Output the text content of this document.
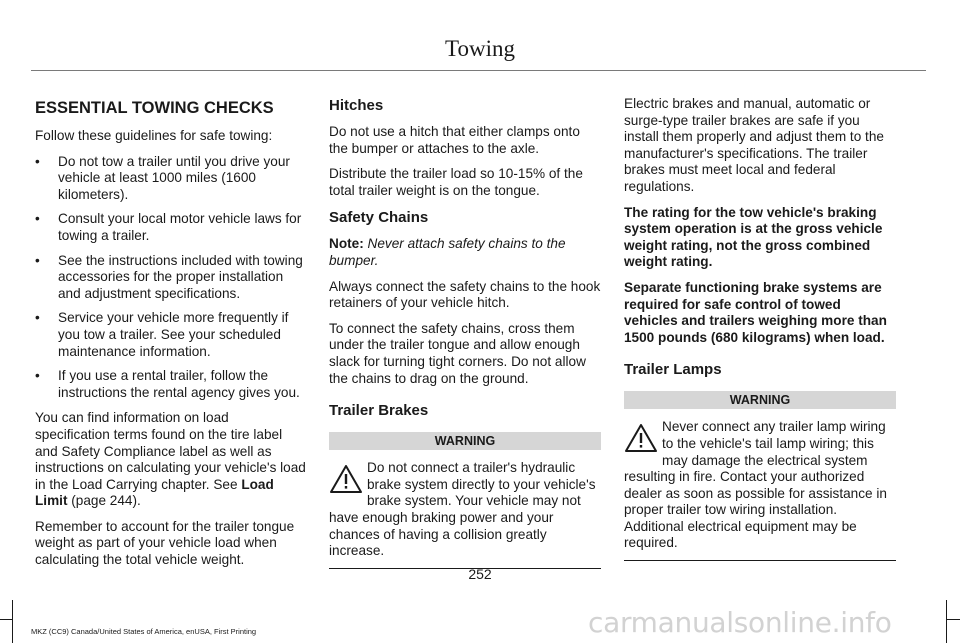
Towing
ESSENTIAL TOWING CHECKS

Follow these guidelines for safe towing:

• Do not tow a trailer until you drive your vehicle at least 1000 miles (1600 kilometers).
• Consult your local motor vehicle laws for towing a trailer.
• See the instructions included with towing accessories for the proper installation and adjustment specifications.
• Service your vehicle more frequently if you tow a trailer. See your scheduled maintenance information.
• If you use a rental trailer, follow the instructions the rental agency gives you.

You can find information on load specification terms found on the tire label and Safety Compliance label as well as instructions on calculating your vehicle's load in the Load Carrying chapter. See Load Limit (page 244).

Remember to account for the trailer tongue weight as part of your vehicle load when calculating the total vehicle weight.

Hitches

Do not use a hitch that either clamps onto the bumper or attaches to the axle.

Distribute the trailer load so 10-15% of the total trailer weight is on the tongue.

Safety Chains

Note: Never attach safety chains to the bumper.

Always connect the safety chains to the hook retainers of your vehicle hitch.

To connect the safety chains, cross them under the trailer tongue and allow enough slack for turning tight corners. Do not allow the chains to drag on the ground.

Trailer Brakes
WARNING
Do not connect a trailer's hydraulic brake system directly to your vehicle's brake system. Your vehicle may not have enough braking power and your chances of having a collision greatly increase.

Electric brakes and manual, automatic or surge-type trailer brakes are safe if you install them properly and adjust them to the manufacturer's specifications. The trailer brakes must meet local and federal regulations.

The rating for the tow vehicle's braking system operation is at the gross vehicle weight rating, not the gross combined weight rating.

Separate functioning brake systems are required for safe control of towed vehicles and trailers weighing more than 1500 pounds (680 kilograms) when load.

Trailer Lamps
WARNING
Never connect any trailer lamp wiring to the vehicle's tail lamp wiring; this may damage the electrical system resulting in fire. Contact your authorized dealer as soon as possible for assistance in proper trailer tow wiring installation. Additional electrical equipment may be required.
252
MKZ (CC9) Canada/United States of America, enUSA, First Printing	carmanualsonline.info
